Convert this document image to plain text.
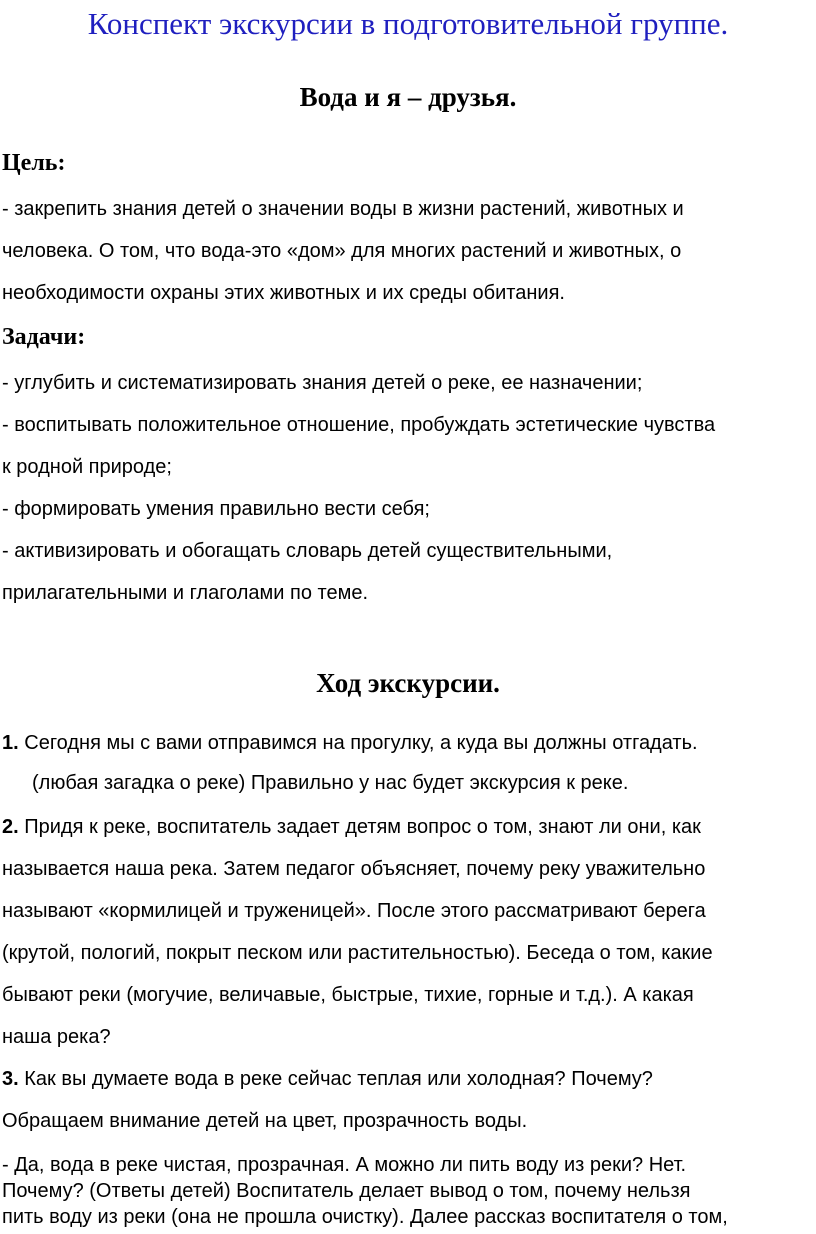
Конспект экскурсии в подготовительной группе.
Вода и я – друзья.
Цель:
- закрепить знания детей о значении воды в жизни растений, животных и
человека. О том, что вода-это «дом» для многих растений и животных, о
необходимости охраны этих животных и их среды обитания.
Задачи:
- углубить и систематизировать знания детей о реке, ее назначении;
- воспитывать положительное отношение, пробуждать эстетические чувства
к родной природе;
- формировать умения правильно вести себя;
- активизировать и обогащать словарь детей существительными,
прилагательными и глаголами по теме.
Ход экскурсии.
1. Сегодня мы с вами отправимся на прогулку, а куда вы должны отгадать.
(любая загадка о реке) Правильно у нас будет экскурсия к реке.
2. Придя к реке, воспитатель задает детям вопрос о том, знают ли они, как
называется наша река. Затем педагог объясняет, почему реку уважительно
называют «кормилицей и труженицей». После этого рассматривают берега
(крутой, пологий, покрыт песком или растительностью). Беседа о том, какие
бывают реки (могучие, величавые, быстрые, тихие, горные и т.д.). А какая
наша река?
3. Как вы думаете вода в реке сейчас теплая или холодная? Почему?
Обращаем внимание детей на цвет, прозрачность воды.
- Да, вода в реке чистая, прозрачная. А можно ли пить воду из реки? Нет.
Почему? (Ответы детей) Воспитатель делает вывод о том, почему нельзя
пить воду из реки (она не прошла очистку). Далее рассказ воспитателя о том,
